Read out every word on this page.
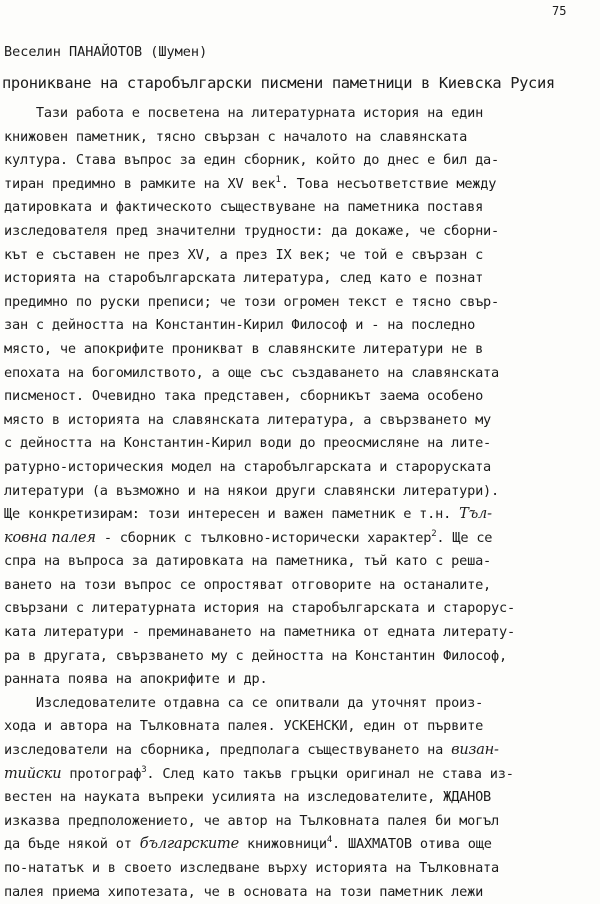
75
Веселин ПАНАЙОТОВ (Шумен)
проникване на старобългарски писмени паметници в Киевска Русия
Тази работа е посветена на литературната история на един
книжовен паметник, тясно свързан с началото на славянската
култура. Става въпрос за един сборник, който до днес е бил да-
тиран предимно в рамките на XV век$^1$. Това несъответствие между
датировката и фактическото съществуване на паметника поставя
изследователя пред значителни трудности: да докаже, че сборни-
кът е съставен не през XV, а през IX век; че той е свързан с
историята на старобългарската литература, след като е познат
предимно по руски преписи; че този огромен текст е тясно свър-
зан с дейността на Константин-Кирил Философ и - на последно
място, че апокрифите проникват в славянските литератури не в
епохата на богомилството, а още със създаването на славянската
писменост. Очевидно така представен, сборникът заема особено
място в историята на славянската литература, а свързването му
с дейността на Константин-Кирил води до преосмисляне на лите-
ратурно-историческия модел на старобългарската и староруската
литератури (а възможно и на някои други славянски литератури).
Ще конкретизирам: този интересен и важен паметник е т.н. Тъл-
ковна палея - сборник с тълковно-исторически характер$^2$. Ще се
спра на въпроса за датировката на паметника, тъй като с реша-
ването на този въпрос се опростяват отговорите на останалите,
свързани с литературната история на старобългарската и старорус-
ката литератури - преминаването на паметника от едната литерату-
ра в другата, свързването му с дейността на Константин Философ,
ранната поява на апокрифите и др.
Изследователите отдавна са се опитвали да уточнят произ-
хода и автора на Тълковната палея. УСКЕНСКИ, един от първите
изследователи на сборника, предполага съществуването на визан-
тийски протограф$^3$. След като такъв гръцки оригинал не става из-
вестен на науката въпреки усилията на изследователите, ЖДАНОВ
изказва предположението, че автор на Тълковната палея би могъл
да бъде някой от българските книжовници$^4$. ШАХМАТОВ отива още
по-нататък и в своето изследване върху историята на Тълковната
палея приема хипотезата, че в основата на този паметник лежи
